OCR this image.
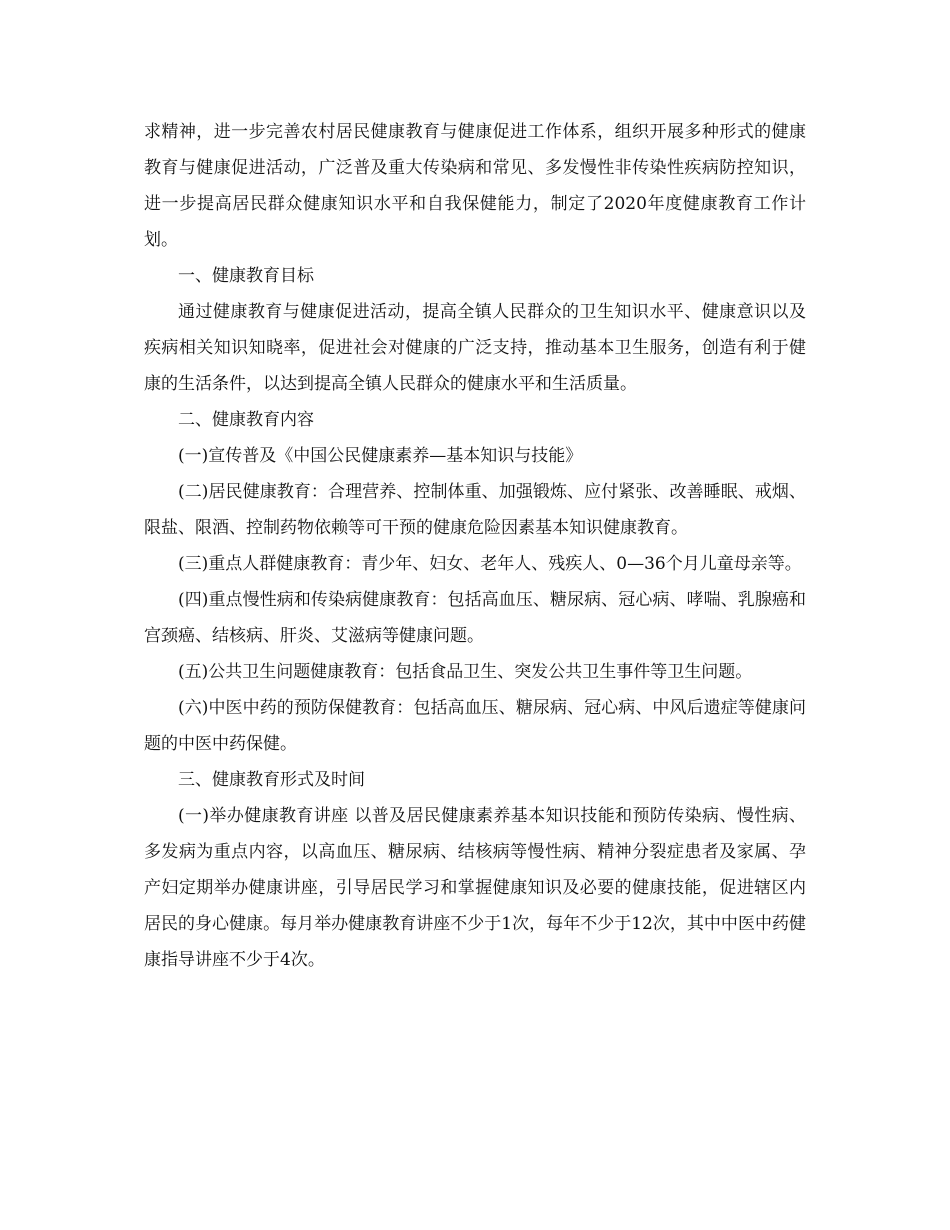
求精神，进一步完善农村居民健康教育与健康促进工作体系，组织开展多种形式的健康教育与健康促进活动，广泛普及重大传染病和常见、多发慢性非传染性疾病防控知识，进一步提高居民群众健康知识水平和自我保健能力，制定了2020年度健康教育工作计划。

一、健康教育目标

通过健康教育与健康促进活动，提高全镇人民群众的卫生知识水平、健康意识以及疾病相关知识知晓率，促进社会对健康的广泛支持，推动基本卫生服务，创造有利于健康的生活条件，以达到提高全镇人民群众的健康水平和生活质量。

二、健康教育内容

(一)宣传普及《中国公民健康素养—基本知识与技能》

(二)居民健康教育：合理营养、控制体重、加强锻炼、应付紧张、改善睡眠、戒烟、限盐、限酒、控制药物依赖等可干预的健康危险因素基本知识健康教育。

(三)重点人群健康教育：青少年、妇女、老年人、残疾人、0—36个月儿童母亲等。

(四)重点慢性病和传染病健康教育：包括高血压、糖尿病、冠心病、哮喘、乳腺癌和宫颈癌、结核病、肝炎、艾滋病等健康问题。

(五)公共卫生问题健康教育：包括食品卫生、突发公共卫生事件等卫生问题。

(六)中医中药的预防保健教育：包括高血压、糖尿病、冠心病、中风后遗症等健康问题的中医中药保健。

三、健康教育形式及时间

(一)举办健康教育讲座 以普及居民健康素养基本知识技能和预防传染病、慢性病、多发病为重点内容，以高血压、糖尿病、结核病等慢性病、精神分裂症患者及家属、孕产妇定期举办健康讲座，引导居民学习和掌握健康知识及必要的健康技能，促进辖区内居民的身心健康。每月举办健康教育讲座不少于1次，每年不少于12次，其中中医中药健康指导讲座不少于4次。
